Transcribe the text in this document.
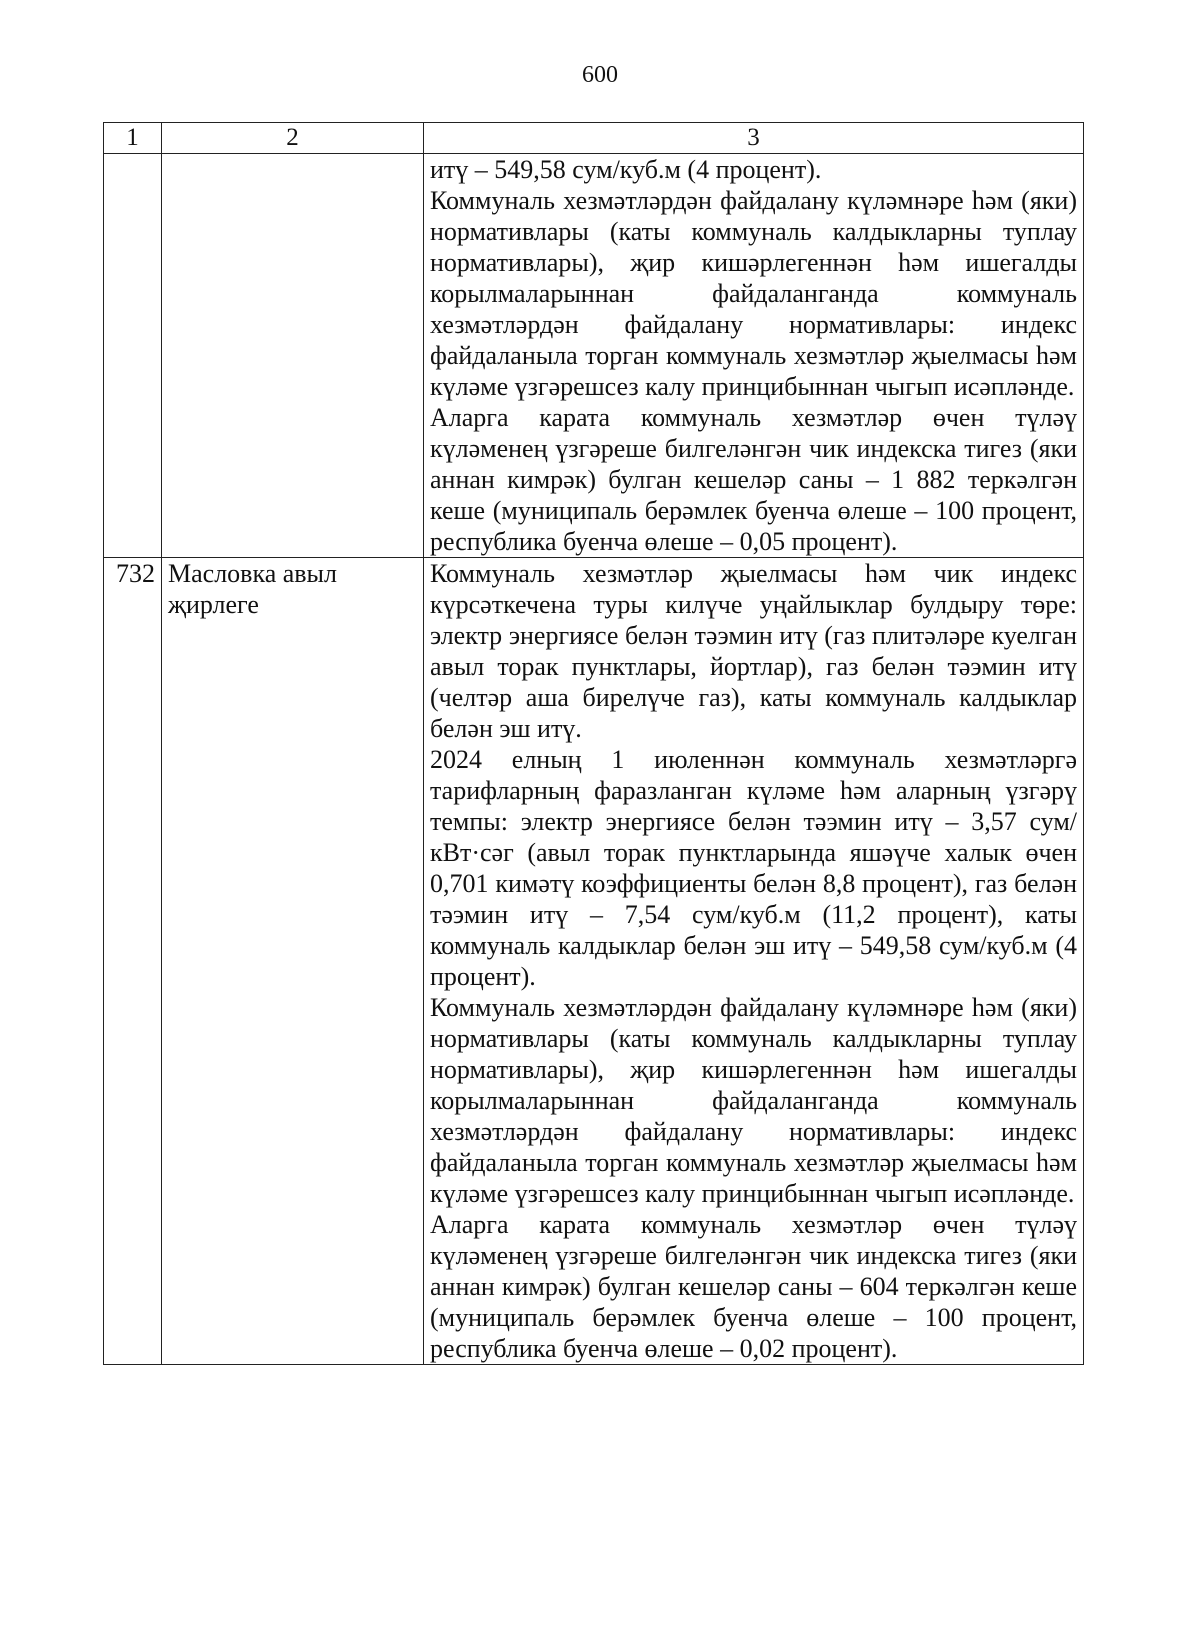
600
1	2	3

		итү – 549,58 сум/куб.м (4 процент).

Коммуналь хезмәтләрдән файдалану күләмнәре һәм (яки) нормативлары (каты коммуналь калдыкларны туплау нормативлары), җир кишәрлегеннән һәм ишегалды корылмаларыннан файдаланганда коммуналь хезмәтләрдән файдалану нормативлары: индекс файдаланыла торган коммуналь хезмәтләр җыелмасы һәм күләме үзгәрешсез калу принцибыннан чыгып исәпләнде.

Аларга карата коммуналь хезмәтләр өчен түләү күләменең үзгәреше билгеләнгән чик индекска тигез (яки аннан кимрәк) булган кешеләр саны – 1 882 теркәлгән кеше (муниципаль берәмлек буенча өлеше – 100 процент, республика буенча өлеше – 0,05 процент).

732	Масловка авыл җирлеге	Коммуналь хезмәтләр җыелмасы һәм чик индекс күрсәткечена туры килүче уңайлыклар булдыру төре: электр энергиясе белән тәэмин итү (газ плитәләре куелган авыл торак пунктлары, йортлар), газ белән тәэмин итү (челтәр аша бирелүче газ), каты коммуналь калдыклар белән эш итү.

2024 елның 1 июленнән коммуналь хезмәтләргә тарифларның фаразланган күләме һәм аларның үзгәрү темпы: электр энергиясе белән тәэмин итү – 3,57 сум/кВт·сәг (авыл торак пунктларында яшәүче халык өчен 0,701 кимәтү коэффициенты белән 8,8 процент), газ белән тәэмин итү – 7,54 сум/куб.м (11,2 процент), каты коммуналь калдыклар белән эш итү – 549,58 сум/куб.м (4 процент).

Коммуналь хезмәтләрдән файдалану күләмнәре һәм (яки) нормативлары (каты коммуналь калдыкларны туплау нормативлары), җир кишәрлегеннән һәм ишегалды корылмаларыннан файдаланганда коммуналь хезмәтләрдән файдалану нормативлары: индекс файдаланыла торган коммуналь хезмәтләр җыелмасы һәм күләме үзгәрешсез калу принцибыннан чыгып исәпләнде.

Аларга карата коммуналь хезмәтләр өчен түләү күләменең үзгәреше билгеләнгән чик индекска тигез (яки аннан кимрәк) булган кешеләр саны – 604 теркәлгән кеше (муниципаль берәмлек буенча өлеше – 100 процент, республика буенча өлеше – 0,02 процент).
